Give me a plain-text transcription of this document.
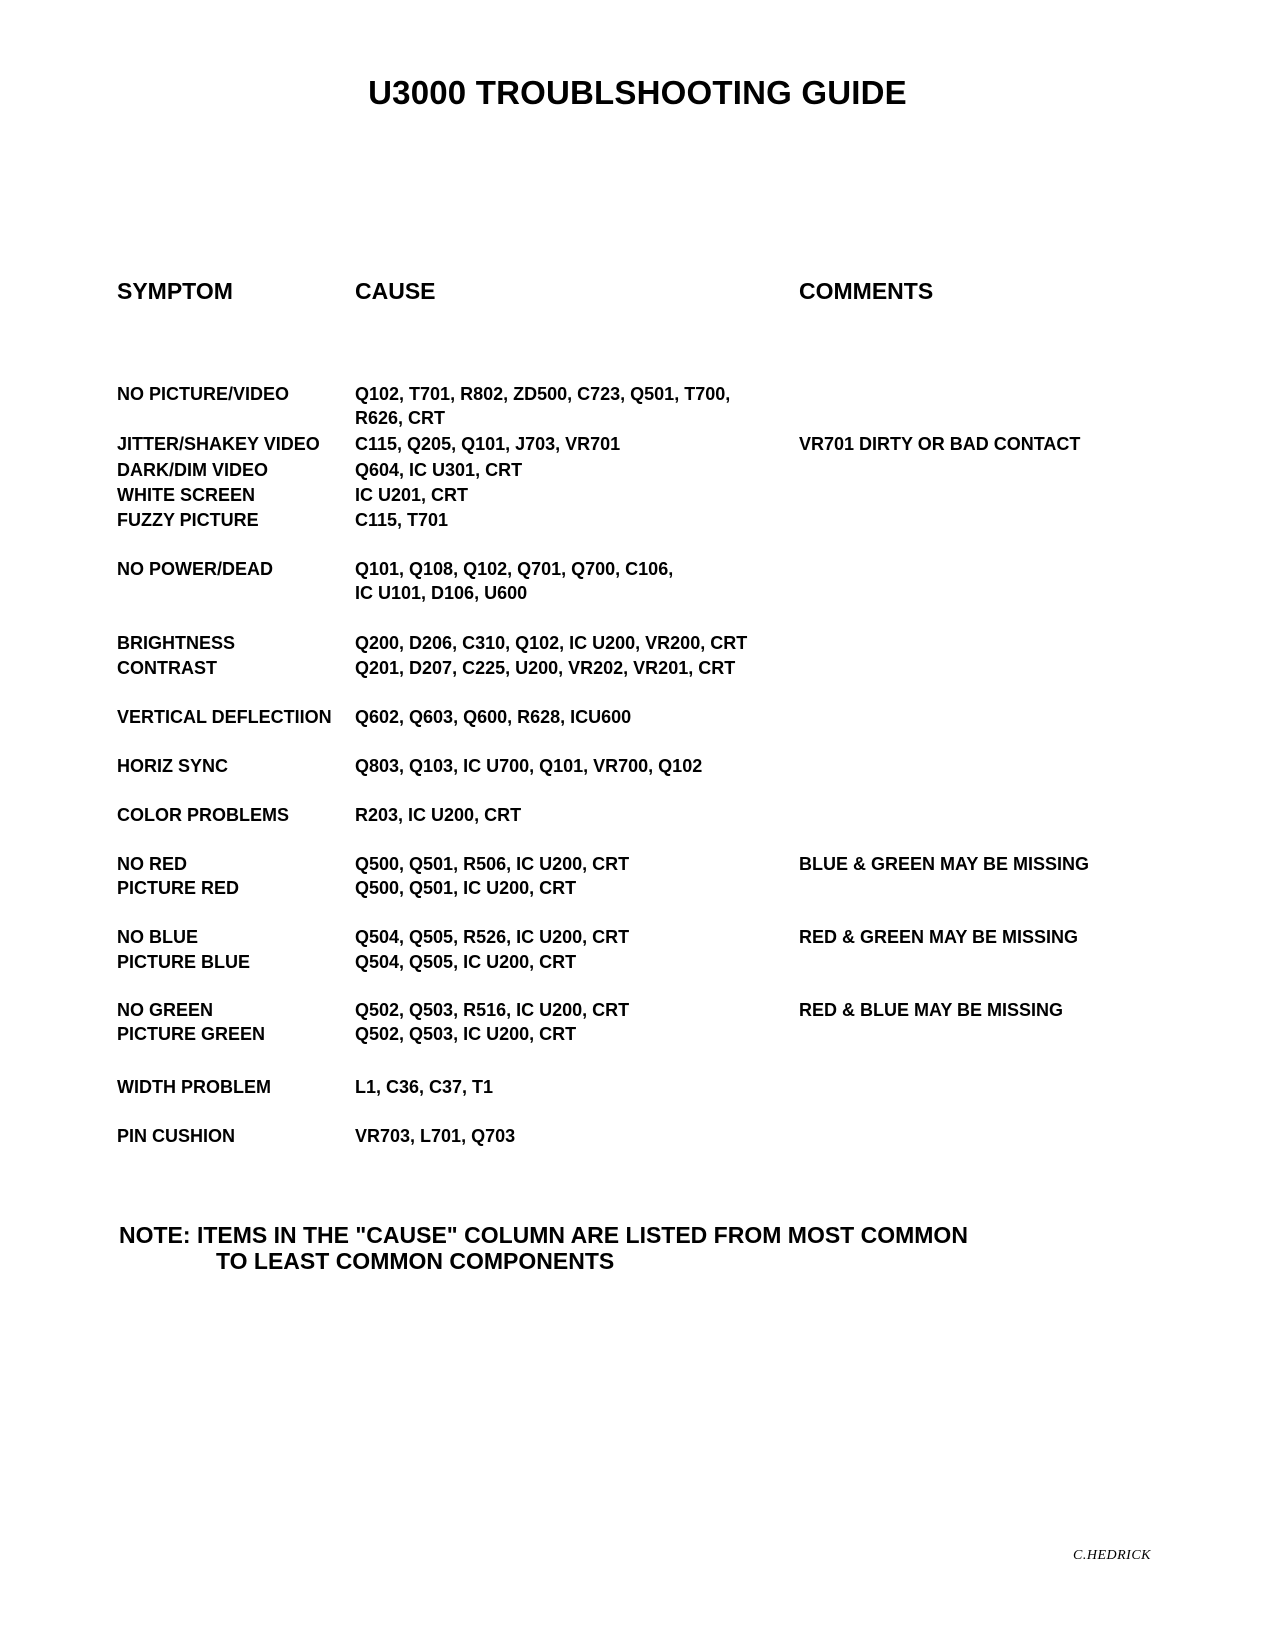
U3000 TROUBLSHOOTING GUIDE
SYMPTOM	CAUSE	COMMENTS
NO PICTURE/VIDEO	Q102, T701, R802, ZD500, C723, Q501, T700,
R626, CRT
JITTER/SHAKEY VIDEO C115, Q205, Q101, J703, VR701	VR701 DIRTY OR BAD CONTACT
DARK/DIM VIDEO	Q604, IC U301, CRT
WHITE SCREEN	IC U201, CRT
FUZZY PICTURE	C115, T701
NO POWER/DEAD	Q101, Q108, Q102, Q701, Q700, C106,
IC U101, D106, U600
BRIGHTNESS	Q200, D206, C310, Q102, IC U200, VR200, CRT
CONTRAST	Q201, D207, C225, U200, VR202, VR201, CRT
VERTICAL DEFLECTIION Q602, Q603, Q600, R628, ICU600
HORIZ SYNC	Q803, Q103, IC U700, Q101, VR700, Q102
COLOR PROBLEMS	R203, IC U200, CRT
NO RED	Q500, Q501, R506, IC U200, CRT	BLUE & GREEN MAY BE MISSING
PICTURE RED	Q500, Q501, IC U200, CRT
NO BLUE	Q504, Q505, R526, IC U200, CRT	RED & GREEN MAY BE MISSING
PICTURE BLUE	Q504, Q505, IC U200, CRT
NO GREEN	Q502, Q503, R516, IC U200, CRT	RED & BLUE MAY BE MISSING
PICTURE GREEN	Q502, Q503, IC U200, CRT
WIDTH PROBLEM	L1, C36, C37, T1
PIN CUSHION	VR703, L701, Q703
NOTE: ITEMS IN THE "CAUSE" COLUMN ARE LISTED FROM MOST COMMON
TO LEAST COMMON COMPONENTS
C.HEDRICK
